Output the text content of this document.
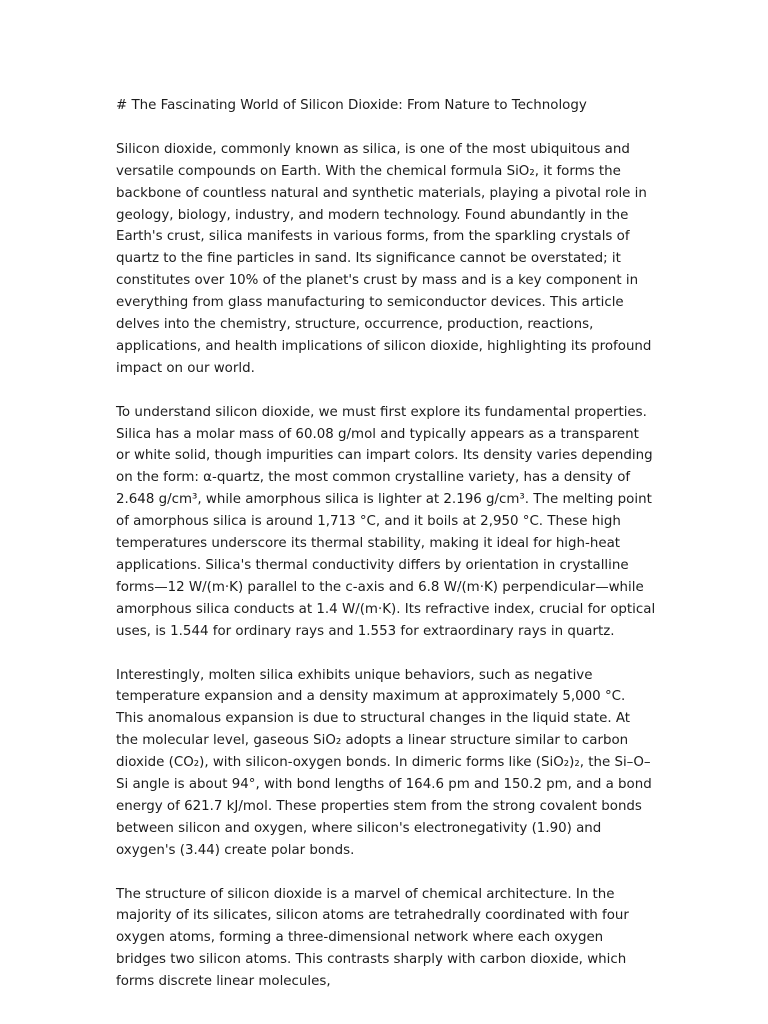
# The Fascinating World of Silicon Dioxide: From Nature to Technology

Silicon dioxide, commonly known as silica, is one of the most ubiquitous and versatile compounds on Earth. With the chemical formula SiO₂, it forms the backbone of countless natural and synthetic materials, playing a pivotal role in geology, biology, industry, and modern technology. Found abundantly in the Earth's crust, silica manifests in various forms, from the sparkling crystals of quartz to the fine particles in sand. Its significance cannot be overstated; it constitutes over 10% of the planet's crust by mass and is a key component in everything from glass manufacturing to semiconductor devices. This article delves into the chemistry, structure, occurrence, production, reactions, applications, and health implications of silicon dioxide, highlighting its profound impact on our world.

To understand silicon dioxide, we must first explore its fundamental properties. Silica has a molar mass of 60.08 g/mol and typically appears as a transparent or white solid, though impurities can impart colors. Its density varies depending on the form: α-quartz, the most common crystalline variety, has a density of 2.648 g/cm³, while amorphous silica is lighter at 2.196 g/cm³. The melting point of amorphous silica is around 1,713 °C, and it boils at 2,950 °C. These high temperatures underscore its thermal stability, making it ideal for high-heat applications. Silica's thermal conductivity differs by orientation in crystalline forms—12 W/(m·K) parallel to the c-axis and 6.8 W/(m·K) perpendicular—while amorphous silica conducts at 1.4 W/(m·K). Its refractive index, crucial for optical uses, is 1.544 for ordinary rays and 1.553 for extraordinary rays in quartz.

Interestingly, molten silica exhibits unique behaviors, such as negative temperature expansion and a density maximum at approximately 5,000 °C. This anomalous expansion is due to structural changes in the liquid state. At the molecular level, gaseous SiO₂ adopts a linear structure similar to carbon dioxide (CO₂), with silicon-oxygen bonds. In dimeric forms like (SiO₂)₂, the Si–O–Si angle is about 94°, with bond lengths of 164.6 pm and 150.2 pm, and a bond energy of 621.7 kJ/mol. These properties stem from the strong covalent bonds between silicon and oxygen, where silicon's electronegativity (1.90) and oxygen's (3.44) create polar bonds.

The structure of silicon dioxide is a marvel of chemical architecture. In the majority of its silicates, silicon atoms are tetrahedrally coordinated with four oxygen atoms, forming a three-dimensional network where each oxygen bridges two silicon atoms. This contrasts sharply with carbon dioxide, which forms discrete linear molecules,
